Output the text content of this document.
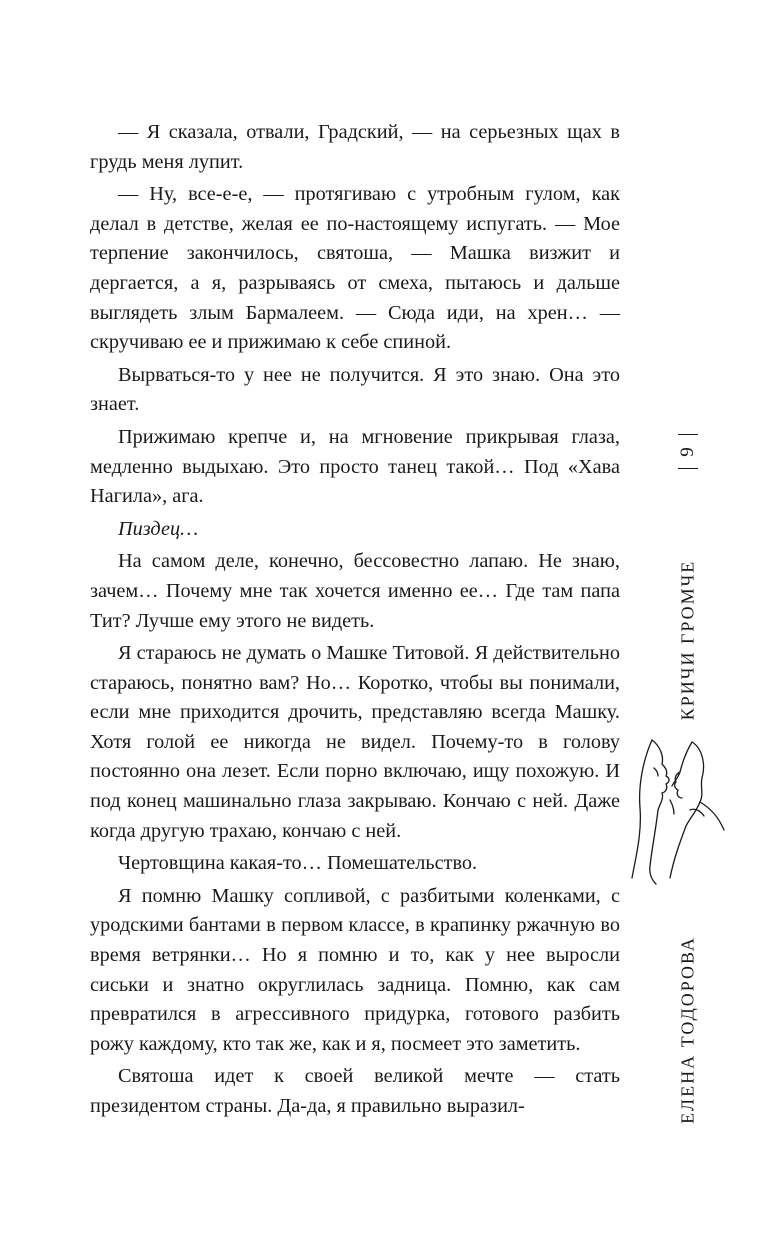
— Я сказала, отвали, Градский, — на серьезных щах в грудь меня лупит.

— Ну, все-е-е, — протягиваю с утробным гулом, как делал в детстве, желая ее по-настоящему испугать. — Мое терпение закончилось, святоша, — Машка визжит и дергается, а я, разрываясь от смеха, пытаюсь и дальше выглядеть злым Бармалеем. — Сюда иди, на хрен… — скручиваю ее и прижимаю к себе спиной.

Вырваться-то у нее не получится. Я это знаю. Она это знает.

Прижимаю крепче и, на мгновение прикрывая глаза, медленно выдыхаю. Это просто танец такой… Под «Хава Нагила», ага.

Пиздец…

На самом деле, конечно, бессовестно лапаю. Не знаю, зачем… Почему мне так хочется именно ее… Где там папа Тит? Лучше ему этого не видеть.

Я стараюсь не думать о Машке Титовой. Я действительно стараюсь, понятно вам? Но… Коротко, чтобы вы понимали, если мне приходится дрочить, представляю всегда Машку. Хотя голой ее никогда не видел. Почему-то в голову постоянно она лезет. Если порно включаю, ищу похожую. И под конец машинально глаза закрываю. Кончаю с ней. Даже когда другую трахаю, кончаю с ней.

Чертовщина какая-то… Помешательство.

Я помню Машку сопливой, с разбитыми коленками, с уродскими бантами в первом классе, в крапинку ржачную во время ветрянки… Но я помню и то, как у нее выросли сиськи и знатно округлилась задница. Помню, как сам превратился в агрессивного придурка, готового разбить рожу каждому, кто так же, как и я, посмеет это заметить.

Святоша идет к своей великой мечте — стать президентом страны. Да-да, я правильно выразил-

9
КРИЧИ ГРОМЧЕ
ЕЛЕНА ТОДОРОВА
